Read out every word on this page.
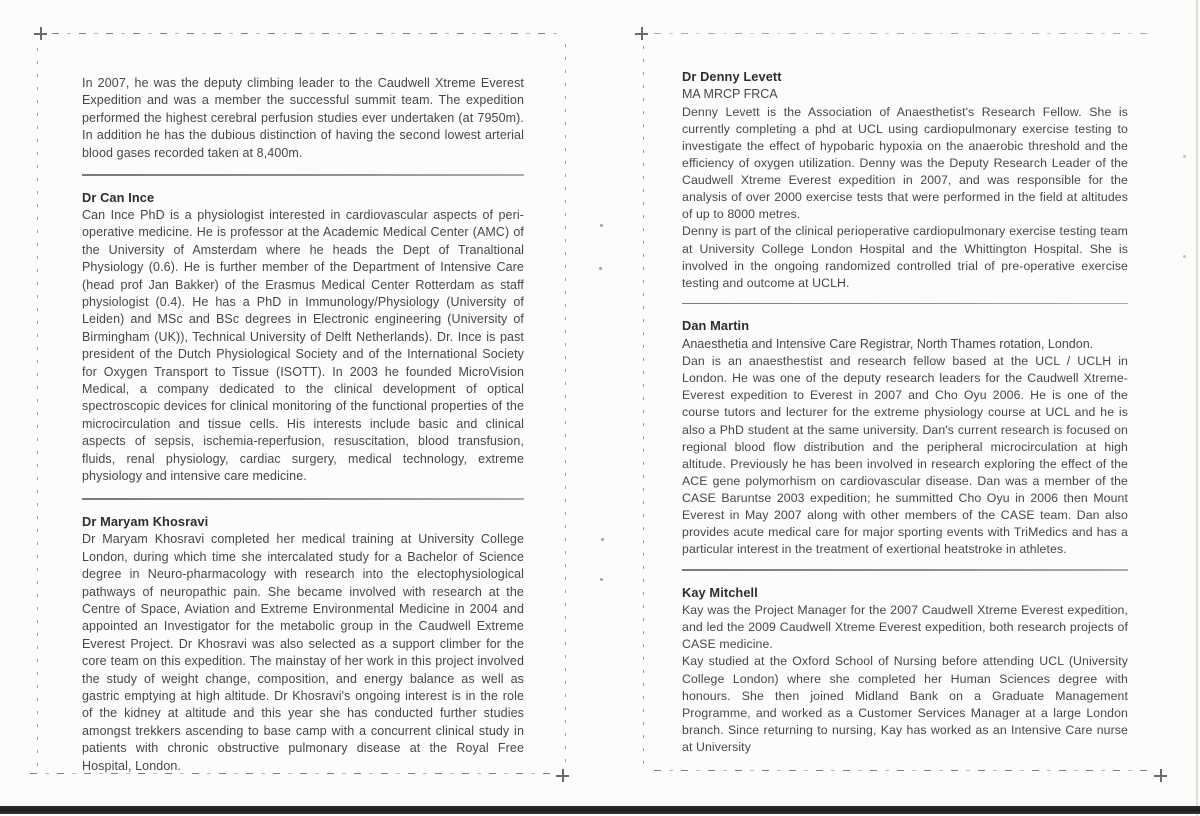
In 2007, he was the deputy climbing leader to the Caudwell Xtreme Everest Expedition and was a member the successful summit team. The expedition performed the highest cerebral perfusion studies ever undertaken (at 7950m). In addition he has the dubious distinction of having the second lowest arterial blood gases recorded taken at 8,400m.

Dr Can Ince

Can Ince PhD is a physiologist interested in cardiovascular aspects of peri-operative medicine. He is professor at the Academic Medical Center (AMC) of the University of Amsterdam where he heads the Dept of Tranaltional Physiology (0.6). He is further member of the Department of Intensive Care (head prof Jan Bakker) of the Erasmus Medical Center Rotterdam as staff physiologist (0.4). He has a PhD in Immunology/Physiology (University of Leiden) and MSc and BSc degrees in Electronic engineering (University of Birmingham (UK)), Technical University of Delft Netherlands). Dr. Ince is past president of the Dutch Physiological Society and of the International Society for Oxygen Transport to Tissue (ISOTT). In 2003 he founded MicroVision Medical, a company dedicated to the clinical development of optical spectroscopic devices for clinical monitoring of the functional properties of the microcirculation and tissue cells. His interests include basic and clinical aspects of sepsis, ischemia-reperfusion, resuscitation, blood transfusion, fluids, renal physiology, cardiac surgery, medical technology, extreme physiology and intensive care medicine.

Dr Maryam Khosravi

Dr Maryam Khosravi completed her medical training at University College London, during which time she intercalated study for a Bachelor of Science degree in Neuro-pharmacology with research into the electophysiological pathways of neuropathic pain. She became involved with research at the Centre of Space, Aviation and Extreme Environmental Medicine in 2004 and appointed an Investigator for the metabolic group in the Caudwell Extreme Everest Project. Dr Khosravi was also selected as a support climber for the core team on this expedition. The mainstay of her work in this project involved the study of weight change, composition, and energy balance as well as gastric emptying at high altitude. Dr Khosravi's ongoing interest is in the role of the kidney at altitude and this year she has conducted further studies amongst trekkers ascending to base camp with a concurrent clinical study in patients with chronic obstructive pulmonary disease at the Royal Free Hospital, London.

Dr Denny Levett
MA MRCP FRCA

Denny Levett is the Association of Anaesthetist's Research Fellow. She is currently completing a phd at UCL using cardiopulmonary exercise testing to investigate the effect of hypobaric hypoxia on the anaerobic threshold and the efficiency of oxygen utilization. Denny was the Deputy Research Leader of the Caudwell Xtreme Everest expedition in 2007, and was responsible for the analysis of over 2000 exercise tests that were performed in the field at altitudes of up to 8000 metres.

Denny is part of the clinical perioperative cardiopulmonary exercise testing team at University College London Hospital and the Whittington Hospital. She is involved in the ongoing randomized controlled trial of pre-operative exercise testing and outcome at UCLH.

Dan Martin
Anaesthetia and Intensive Care Registrar, North Thames rotation, London.

Dan is an anaesthestist and research fellow based at the UCL / UCLH in London. He was one of the deputy research leaders for the Caudwell Xtreme-Everest expedition to Everest in 2007 and Cho Oyu 2006. He is one of the course tutors and lecturer for the extreme physiology course at UCL and he is also a PhD student at the same university. Dan's current research is focused on regional blood flow distribution and the peripheral microcirculation at high altitude. Previously he has been involved in research exploring the effect of the ACE gene polymorhism on cardiovascular disease. Dan was a member of the CASE Baruntse 2003 expedition; he summitted Cho Oyu in 2006 then Mount Everest in May 2007 along with other members of the CASE team. Dan also provides acute medical care for major sporting events with TriMedics and has a particular interest in the treatment of exertional heatstroke in athletes.

Kay Mitchell

Kay was the Project Manager for the 2007 Caudwell Xtreme Everest expedition, and led the 2009 Caudwell Xtreme Everest expedition, both research projects of CASE medicine.

Kay studied at the Oxford School of Nursing before attending UCL (University College London) where she completed her Human Sciences degree with honours. She then joined Midland Bank on a Graduate Management Programme, and worked as a Customer Services Manager at a large London branch. Since returning to nursing, Kay has worked as an Intensive Care nurse at University
